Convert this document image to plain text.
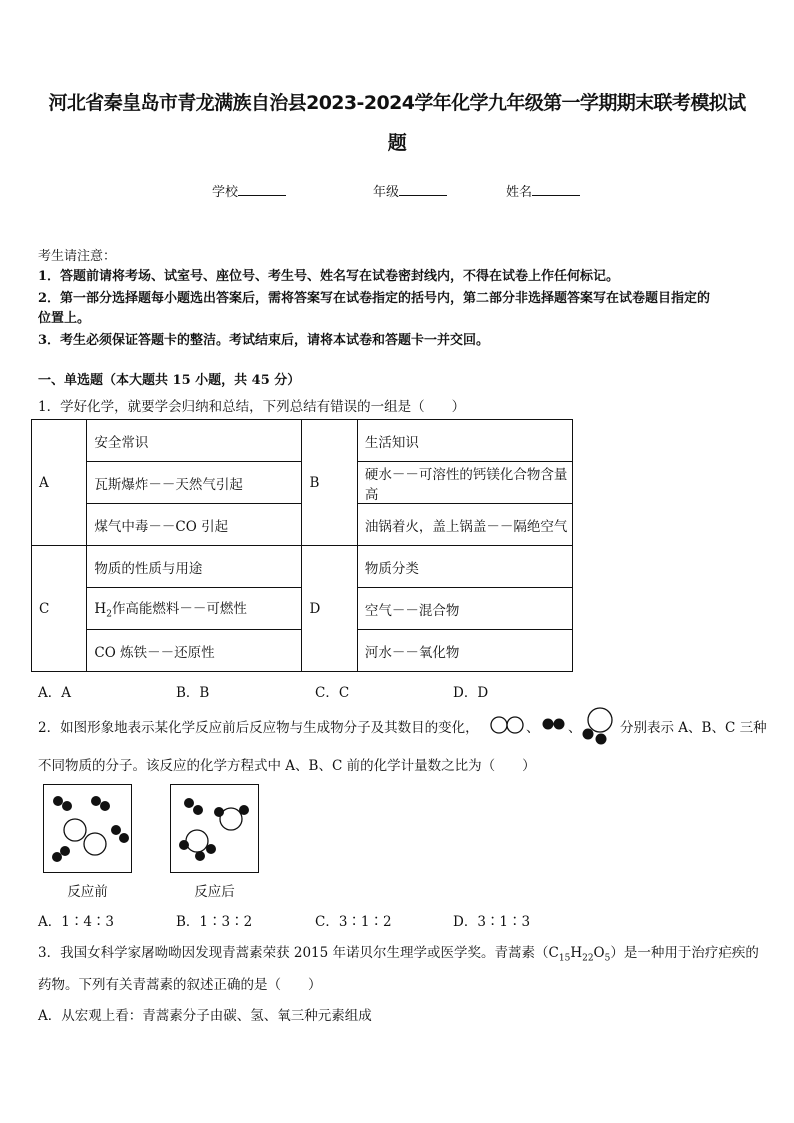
河北省秦皇岛市青龙满族自治县2023-2024学年化学九年级第一学期期末联考模拟试
题
学校	年级	姓名
考生请注意：
1．答题前请将考场、试室号、座位号、考生号、姓名写在试卷密封线内，不得在试卷上作任何标记。
2．第一部分选择题每小题选出答案后，需将答案写在试卷指定的括号内，第二部分非选择题答案写在试卷题目指定的
位置上。
3．考生必须保证答题卡的整洁。考试结束后，请将本试卷和答题卡一并交回。
一、单选题（本大题共 15 小题，共 45 分）
1．学好化学，就要学会归纳和总结，下列总结有错误的一组是（　　）
A	安全常识	B	生活知识
	瓦斯爆炸－－天然气引起		硬水－－可溶性的钙镁化合物含量高
	煤气中毒－－CO 引起		油锅着火，盖上锅盖－－隔绝空气
C	物质的性质与用途	D	物质分类
	$H_2$作高能燃料－－可燃性		空气－－混合物
	CO 炼铁－－还原性		河水－－氧化物
A．A	B．B	C．C	D．D
2．如图形象地表示某化学反应前后反应物与生成物分子及其数目的变化，	、 、	分别表示 A、B、C 三种
不同物质的分子。该反应的化学方程式中 A、B、C 前的化学计量数之比为（　　）
反应前	反应后
A．1∶4∶3	B．1∶3∶2	C．3∶1∶2	D．3∶1∶3
3．我国女科学家屠呦呦因发现青蒿素荣获 2015 年诺贝尔生理学或医学奖。青蒿素$(C_{15}H_{22}O_5)$是一种用于治疗疟疾的
药物。下列有关青蒿素的叙述正确的是（　　）
A．从宏观上看：青蒿素分子由碳、氢、氧三种元素组成
